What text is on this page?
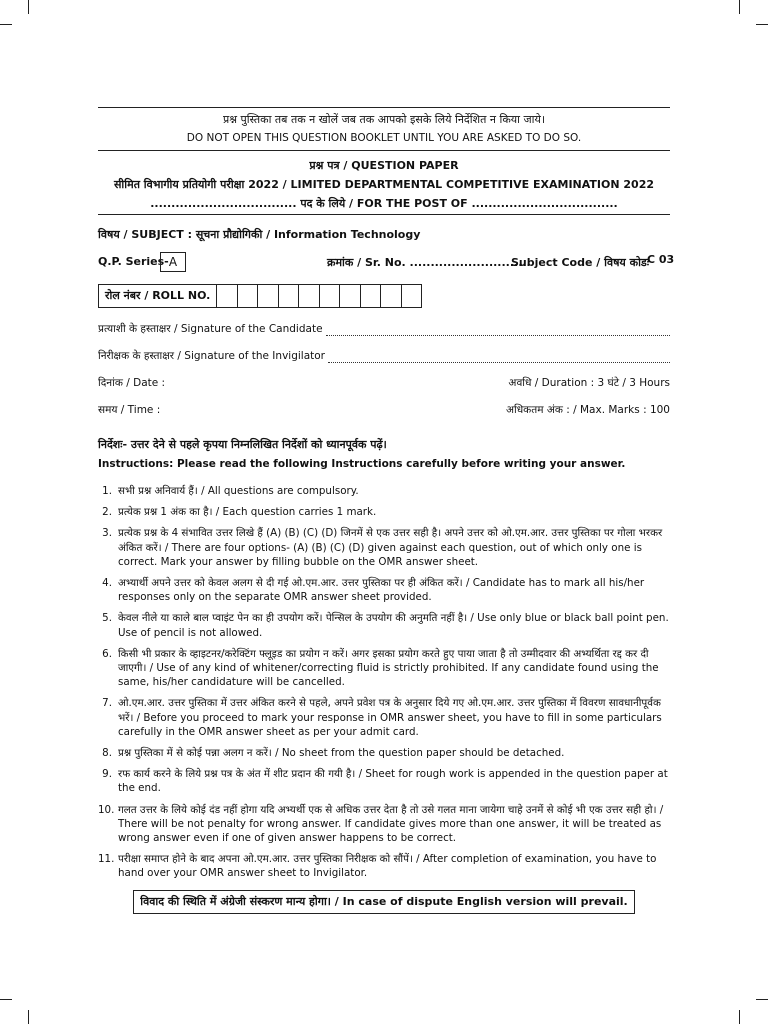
प्रश्न पुस्तिका तब तक न खोलें जब तक आपको इसके लिये निर्देशित न किया जाये।
DO NOT OPEN THIS QUESTION BOOKLET UNTIL YOU ARE ASKED TO DO SO.
प्रश्न पत्र / QUESTION PAPER
सीमित विभागीय प्रतियोगी परीक्षा 2022 / LIMITED DEPARTMENTAL COMPETITIVE EXAMINATION 2022
................................... पद के लिये / FOR THE POST OF ...................................
विषय / SUBJECT : सूचना प्रौद्योगिकी / Information Technology
Q.P. Series- A	क्रमांक / Sr. No. .............................
Subject Code / विषय कोडः
C 03
रोल नंबर / ROLL NO.
प्रत्याशी के हस्ताक्षर / Signature of the Candidate
निरीक्षक के हस्ताक्षर / Signature of the Invigilator
दिनांक / Date :	अवधि / Duration : 3 घंटे / 3 Hours
समय / Time :	अधिकतम अंक : / Max. Marks : 100
निर्देशः- उत्तर देने से पहले कृपया निम्नलिखित निर्देशों को ध्यानपूर्वक पढ़ें।
Instructions: Please read the following Instructions carefully before writing your answer.
1. सभी प्रश्न अनिवार्य हैं। / All questions are compulsory.
2. प्रत्येक प्रश्न 1 अंक का है। / Each question carries 1 mark.
3. प्रत्येक प्रश्न के 4 संभावित उत्तर लिखे हैं (A) (B) (C) (D) जिनमें से एक उत्तर सही है। अपने उत्तर को ओ.एम.आर. उत्तर पुस्तिका पर गोला भरकर अंकित करें। / There are four options- (A) (B) (C) (D) given against each question, out of which only one is correct. Mark your answer by filling bubble on the OMR answer sheet.
4. अभ्यार्थी अपने उत्तर को केवल अलग से दी गई ओ.एम.आर. उत्तर पुस्तिका पर ही अंकित करें। / Candidate has to mark all his/her responses only on the separate OMR answer sheet provided.
5. केवल नीले या काले बाल प्वाइंट पेन का ही उपयोग करें। पेन्सिल के उपयोग की अनुमति नहीं है। / Use only blue or black ball point pen. Use of pencil is not allowed.
6. किसी भी प्रकार के व्हाइटनर/करेक्टिंग फ्लूइड का प्रयोग न करें। अगर इसका प्रयोग करते हुए पाया जाता है तो उम्मीदवार की अभ्यर्थिता रद्द कर दी जाएगी। / Use of any kind of whitener/correcting fluid is strictly prohibited. If any candidate found using the same, his/her candidature will be cancelled.
7. ओ.एम.आर. उत्तर पुस्तिका में उत्तर अंकित करने से पहले, अपने प्रवेश पत्र के अनुसार दिये गए ओ.एम.आर. उत्तर पुस्तिका में विवरण सावधानीपूर्वक भरें। / Before you proceed to mark your response in OMR answer sheet, you have to fill in some particulars carefully in the OMR answer sheet as per your admit card.
8. प्रश्न पुस्तिका में से कोई पन्ना अलग न करें। / No sheet from the question paper should be detached.
9. रफ कार्य करने के लिये प्रश्न पत्र के अंत में शीट प्रदान की गयी है। / Sheet for rough work is appended in the question paper at the end.
10. गलत उत्तर के लिये कोई दंड नहीं होगा यदि अभ्यर्थी एक से अधिक उत्तर देता है तो उसे गलत माना जायेगा चाहे उनमें से कोई भी एक उत्तर सही हो। / There will be not penalty for wrong answer. If candidate gives more than one answer, it will be treated as wrong answer even if one of given answer happens to be correct.
11. परीक्षा समाप्त होने के बाद अपना ओ.एम.आर. उत्तर पुस्तिका निरीक्षक को सौंपें। / After completion of examination, you have to hand over your OMR answer sheet to Invigilator.
विवाद की स्थिति में अंग्रेजी संस्करण मान्य होगा। / In case of dispute English version will prevail.
